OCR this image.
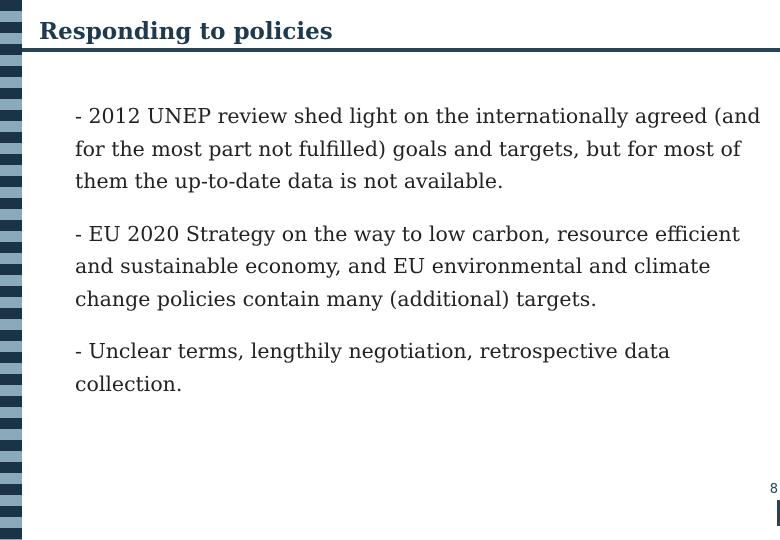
Responding to policies

- 2012 UNEP review shed light on the internationally agreed (and for the most part not fulfilled) goals and targets, but for most of them the up-to-date data is not available.

- EU 2020 Strategy on the way to low carbon, resource efficient and sustainable economy, and EU environmental and climate change policies contain many (additional) targets.

- Unclear terms, lengthily negotiation, retrospective data collection.

8
